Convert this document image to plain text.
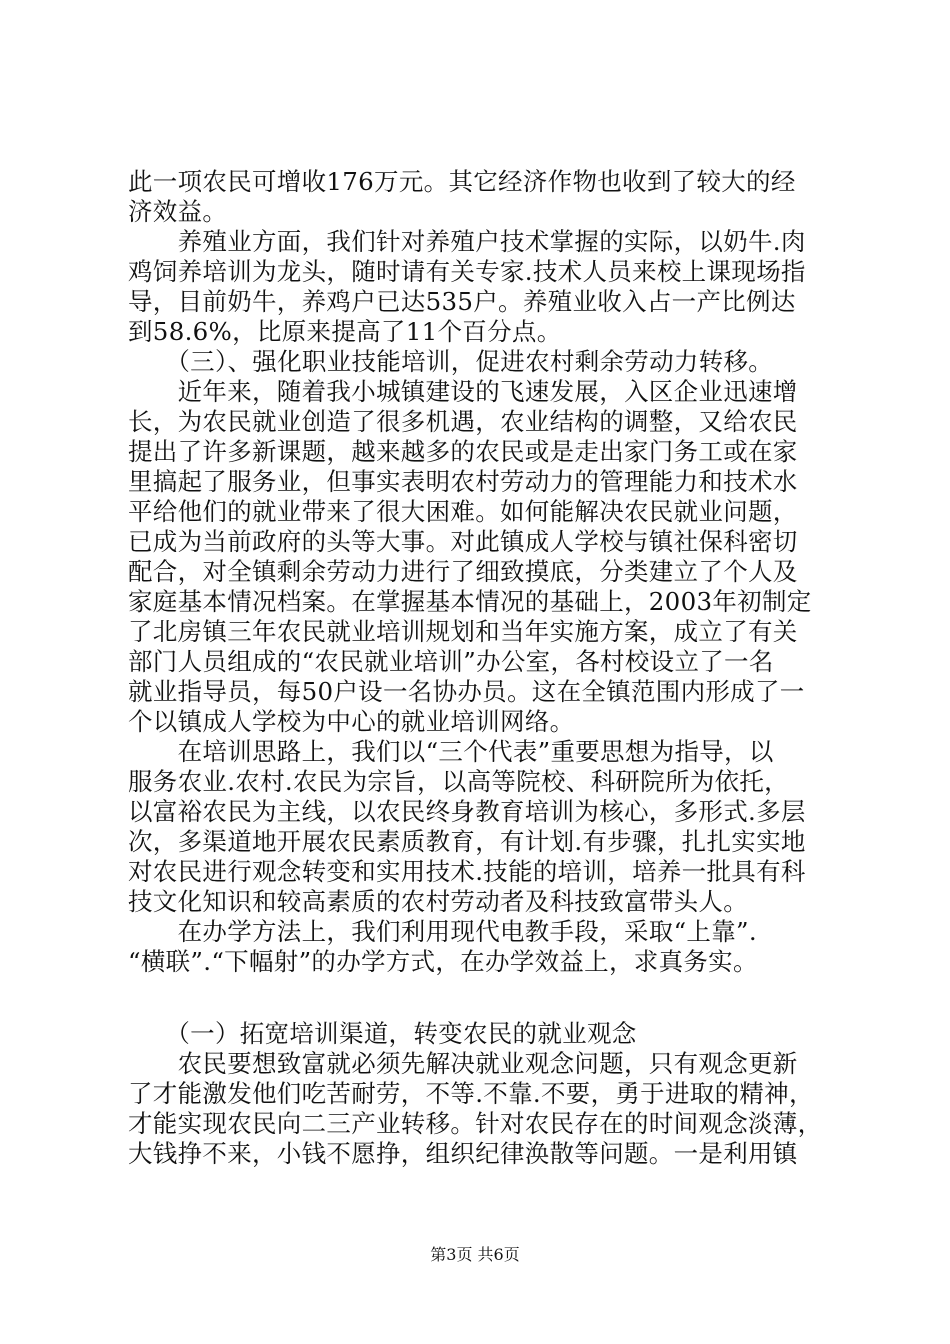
此一项农民可增收176万元。其它经济作物也收到了较大的经
济效益。
　　养殖业方面，我们针对养殖户技术掌握的实际，以奶牛.肉
鸡饲养培训为龙头，随时请有关专家.技术人员来校上课现场指
导，目前奶牛，养鸡户已达535户。养殖业收入占一产比例达
到58.6%，比原来提高了11个百分点。
　　（三）、强化职业技能培训，促进农村剩余劳动力转移。
　　近年来，随着我小城镇建设的飞速发展，入区企业迅速增
长，为农民就业创造了很多机遇，农业结构的调整，又给农民
提出了许多新课题，越来越多的农民或是走出家门务工或在家
里搞起了服务业，但事实表明农村劳动力的管理能力和技术水
平给他们的就业带来了很大困难。如何能解决农民就业问题，
已成为当前政府的头等大事。对此镇成人学校与镇社保科密切
配合，对全镇剩余劳动力进行了细致摸底，分类建立了个人及
家庭基本情况档案。在掌握基本情况的基础上，2003年初制定
了北房镇三年农民就业培训规划和当年实施方案，成立了有关
部门人员组成的“农民就业培训”办公室，各村校设立了一名
就业指导员，每50户设一名协办员。这在全镇范围内形成了一
个以镇成人学校为中心的就业培训网络。
　　在培训思路上，我们以“三个代表”重要思想为指导，以
服务农业.农村.农民为宗旨，以高等院校、科研院所为依托，
以富裕农民为主线，以农民终身教育培训为核心，多形式.多层
次，多渠道地开展农民素质教育，有计划.有步骤，扎扎实实地
对农民进行观念转变和实用技术.技能的培训，培养一批具有科
技文化知识和较高素质的农村劳动者及科技致富带头人。
　　在办学方法上，我们利用现代电教手段，采取“上靠”.
“横联”.“下幅射”的办学方式，在办学效益上，求真务实。
　　（一）拓宽培训渠道，转变农民的就业观念
　　农民要想致富就必须先解决就业观念问题，只有观念更新
了才能激发他们吃苦耐劳，不等.不靠.不要，勇于进取的精神，
才能实现农民向二三产业转移。针对农民存在的时间观念淡薄，
大钱挣不来，小钱不愿挣，组织纪律涣散等问题。一是利用镇
第3页 共6页
